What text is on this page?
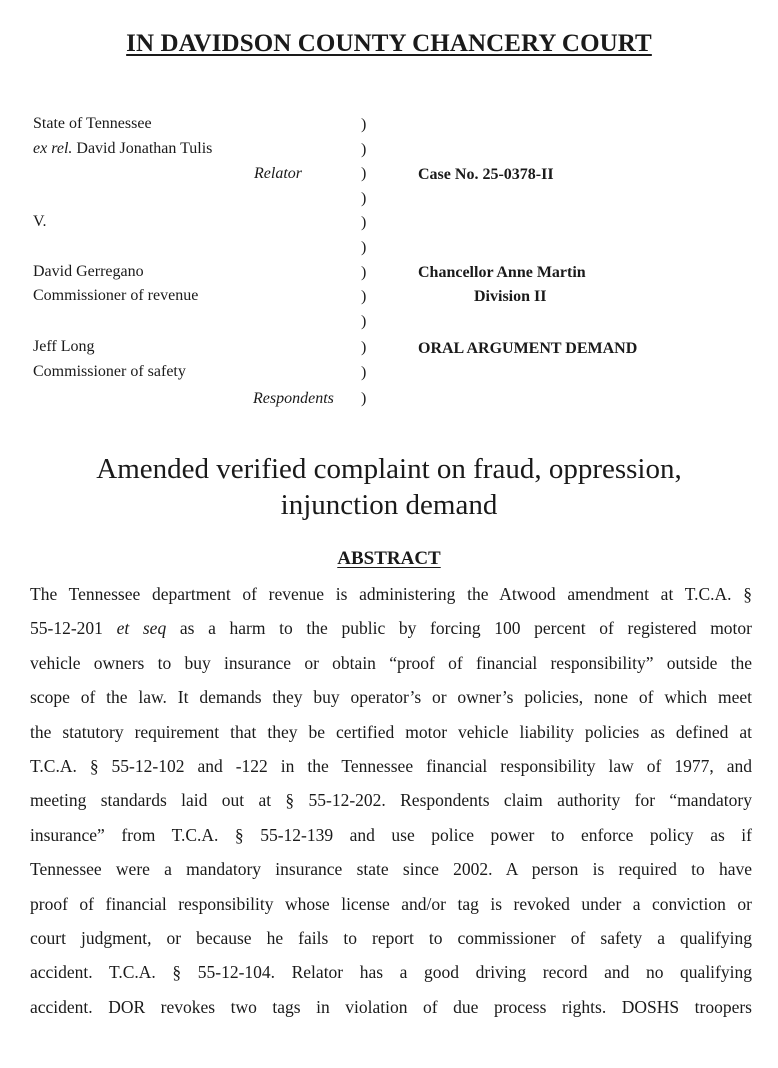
IN DAVIDSON COUNTY CHANCERY COURT
State of Tennessee
ex rel. David Jonathan Tulis
Relator
V.
David Gerregano
Commissioner of revenue
Jeff Long
Commissioner of safety
Respondents
)
)
)
)
)
)
)
)
)
)
)
)
Case No. 25-0378-II
Chancellor Anne Martin
Division II
ORAL ARGUMENT DEMAND
Amended verified complaint on fraud, oppression,
injunction demand
ABSTRACT
The Tennessee department of revenue is administering the Atwood amendment at T.C.A. §
55-12-201 et seq as a harm to the public by forcing 100 percent of registered motor
vehicle owners to buy insurance or obtain “proof of financial responsibility” outside the
scope of the law. It demands they buy operator’s or owner’s policies, none of which meet
the statutory requirement that they be certified motor vehicle liability policies as defined at
T.C.A. § 55-12-102 and -122 in the Tennessee financial responsibility law of 1977, and
meeting standards laid out at § 55-12-202. Respondents claim authority for “mandatory
insurance” from T.C.A. § 55-12-139 and use police power to enforce policy as if
Tennessee were a mandatory insurance state since 2002. A person is required to have
proof of financial responsibility whose license and/or tag is revoked under a conviction or
court judgment, or because he fails to report to commissioner of safety a qualifying
accident. T.C.A. § 55-12-104. Relator has a good driving record and no qualifying
accident. DOR revokes two tags in violation of due process rights. DOSHS troopers
